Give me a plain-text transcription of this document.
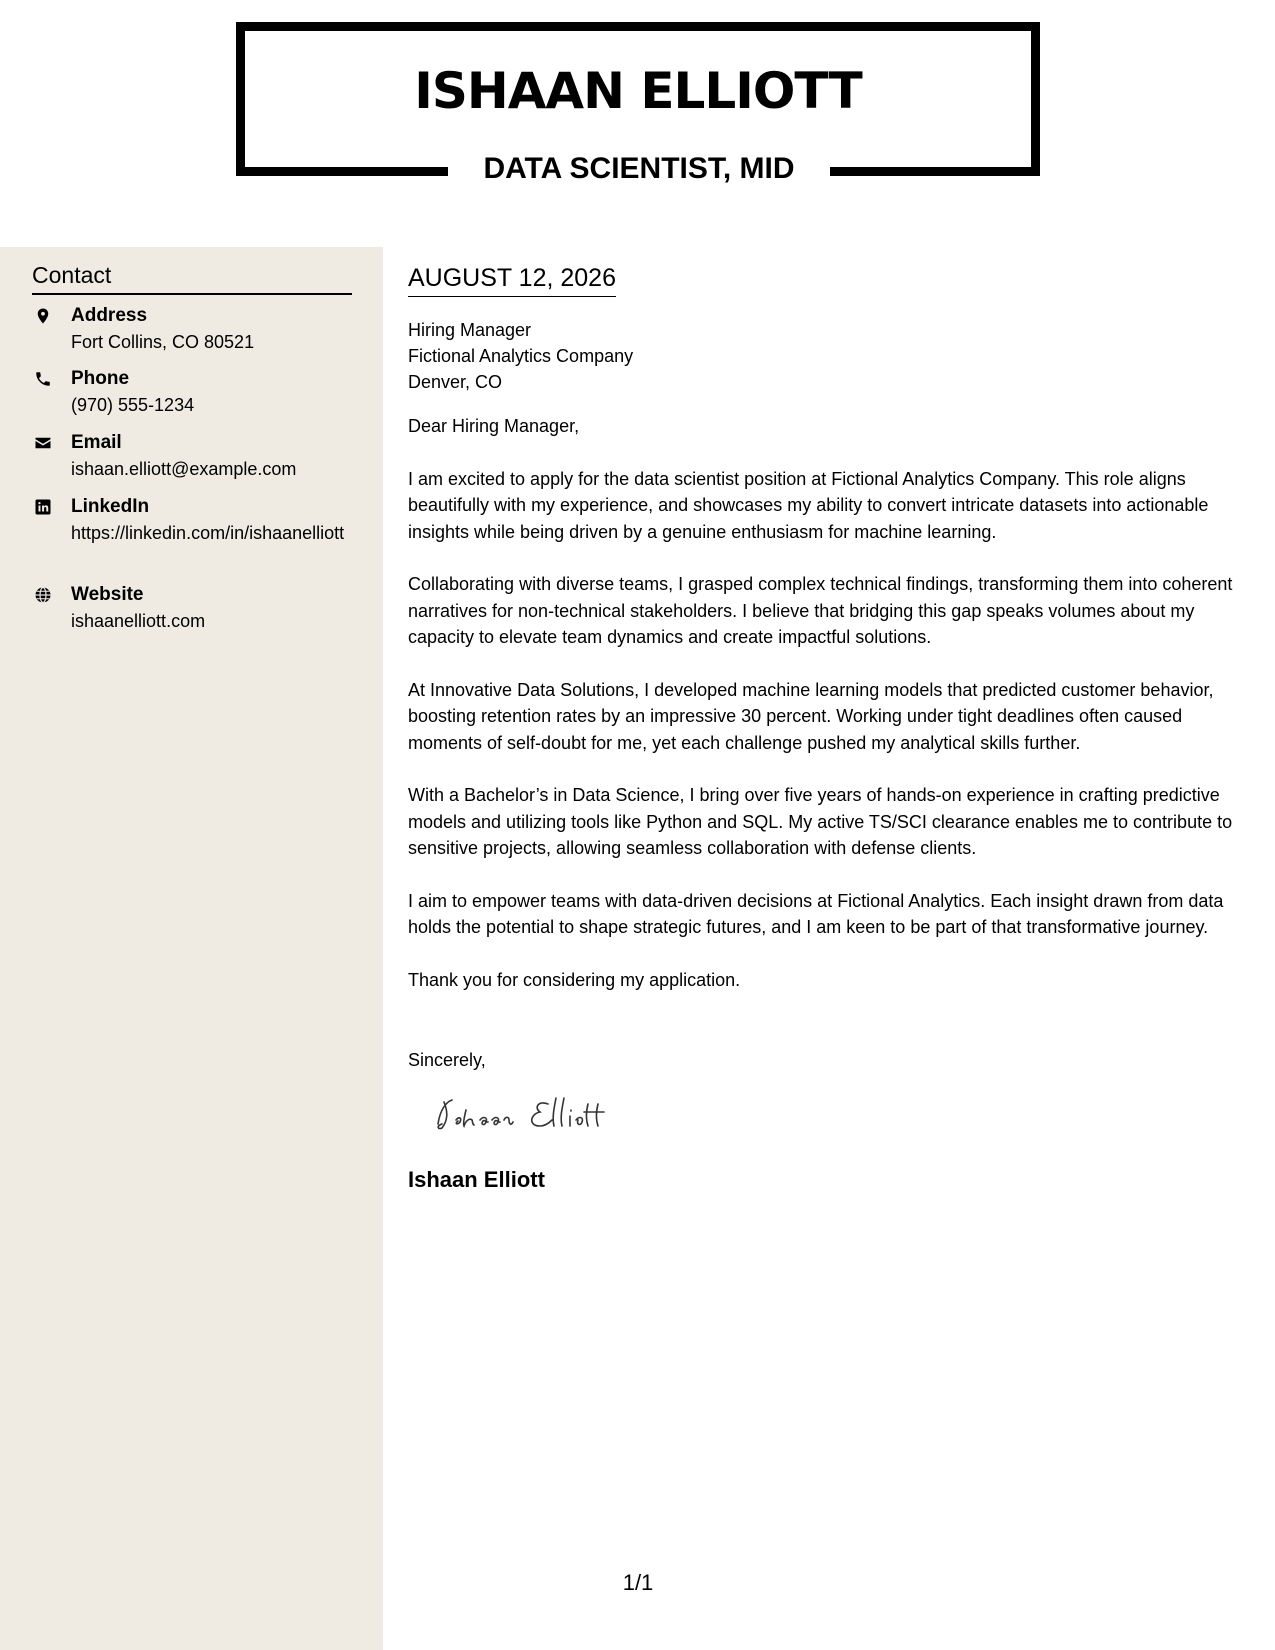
ISHAAN ELLIOTT
DATA SCIENTIST, MID
Contact
Address
Fort Collins, CO 80521
Phone
(970) 555-1234
Email
ishaan.elliott@example.com
LinkedIn
https://linkedin.com/in/ishaanelliott
Website
ishaanelliott.com
AUGUST 12, 2026
Hiring Manager
Fictional Analytics Company
Denver, CO
Dear Hiring Manager,
I am excited to apply for the data scientist position at Fictional Analytics Company. This role aligns beautifully with my experience, and showcases my ability to convert intricate datasets into actionable insights while being driven by a genuine enthusiasm for machine learning.
Collaborating with diverse teams, I grasped complex technical findings, transforming them into coherent narratives for non-technical stakeholders. I believe that bridging this gap speaks volumes about my capacity to elevate team dynamics and create impactful solutions.
At Innovative Data Solutions, I developed machine learning models that predicted customer behavior, boosting retention rates by an impressive 30 percent. Working under tight deadlines often caused moments of self-doubt for me, yet each challenge pushed my analytical skills further.
With a Bachelor’s in Data Science, I bring over five years of hands-on experience in crafting predictive models and utilizing tools like Python and SQL. My active TS/SCI clearance enables me to contribute to sensitive projects, allowing seamless collaboration with defense clients.
I aim to empower teams with data-driven decisions at Fictional Analytics. Each insight drawn from data holds the potential to shape strategic futures, and I am keen to be part of that transformative journey.
Thank you for considering my application.
Sincerely,
Ishaan Elliott
1/1
